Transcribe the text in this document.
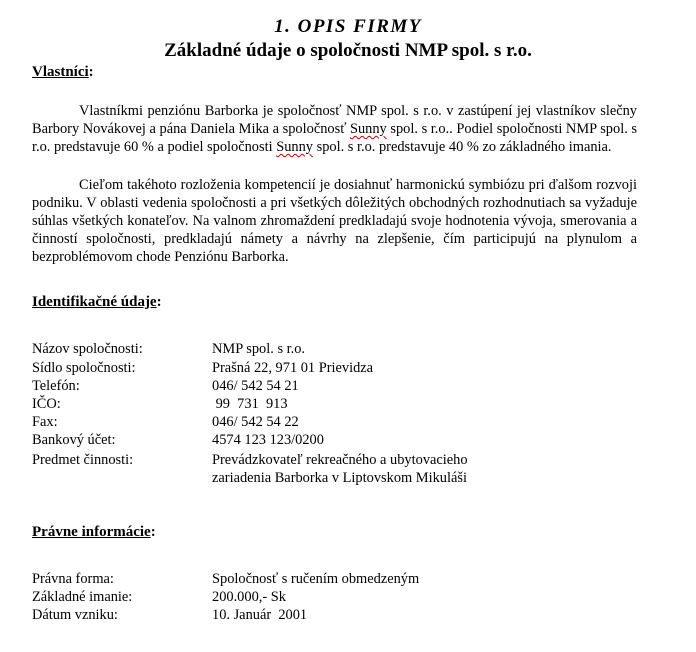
1. OPIS FIRMY
Základné údaje o spoločnosti NMP spol. s r.o.

Vlastníci:

Vlastníkmi penziónu Barborka je spoločnosť NMP spol. s r.o. v zastúpení jej vlastníkov slečny Barbory Novákovej a pána Daniela Mika a spoločnosť Sunny spol. s r.o.. Podiel spoločnosti NMP spol. s r.o. predstavuje 60 % a podiel spoločnosti Sunny spol. s r.o. predstavuje 40 % zo základného imania.

Cieľom takéhoto rozloženia kompetencií je dosiahnuť harmonickú symbiózu pri ďalšom rozvoji podniku. V oblasti vedenia spoločnosti a pri všetkých dôležitých obchodných rozhodnutiach sa vyžaduje súhlas všetkých konateľov. Na valnom zhromaždení predkladajú svoje hodnotenia vývoja, smerovania a činností spoločnosti, predkladajú námety a návrhy na zlepšenie, čím participujú na plynulom a bezproblémovom chode Penziónu Barborka.

Identifikačné údaje:

Názov spoločnosti:	NMP spol. s r.o.
Sídlo spoločnosti:	Prašná 22, 971 01 Prievidza
Telefón:	046/ 542 54 21
IČO:	99  731  913
Fax:	046/ 542 54 22
Bankový účet:	4574 123 123/0200
Predmet činnosti:	Prevádzkovateľ rekreačného a ubytovacieho
zariadenia Barborka v Liptovskom Mikuláši

Právne informácie:

Právna forma:	Spoločnosť s ručením obmedzeným
Základné imanie:	200.000,- Sk
Dátum vzniku:	10. Január  2001
